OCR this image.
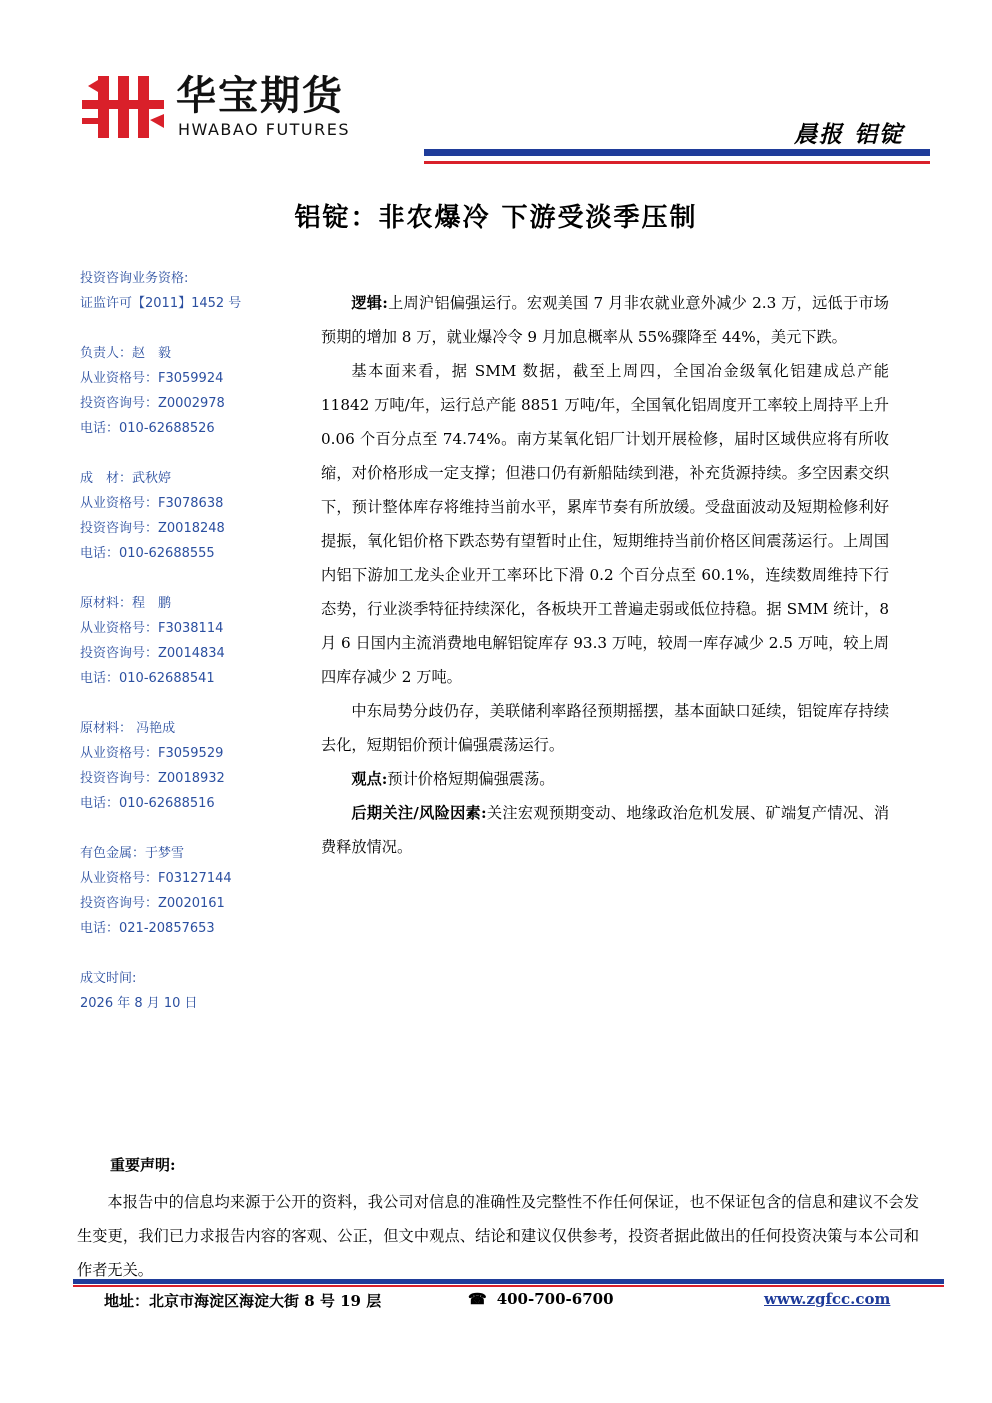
华宝期货
HWABAO FUTURES	晨报 铝锭
铝锭：非农爆冷 下游受淡季压制
投资咨询业务资格:
证监许可【2011】1452 号
负责人：赵　毅
从业资格号：F3059924
投资咨询号：Z0002978
电话：010-62688526
成　材：武秋婷
从业资格号：F3078638
投资咨询号：Z0018248
电话：010-62688555
原材料：程　鹏
从业资格号：F3038114
投资咨询号：Z0014834
电话：010-62688541
原材料： 冯艳成
从业资格号：F3059529
投资咨询号：Z0018932
电话：010-62688516
有色金属：于梦雪
从业资格号：F03127144
投资咨询号：Z0020161
电话：021-20857653
成文时间:
2026 年 8 月 10 日

逻辑:上周沪铝偏强运行。宏观美国 7 月非农就业意外减少 2.3 万，远低于市场预期的增加 8 万，就业爆冷令 9 月加息概率从 55%骤降至 44%，美元下跌。

基本面来看，据 SMM 数据，截至上周四，全国冶金级氧化铝建成总产能 11842 万吨/年，运行总产能 8851 万吨/年，全国氧化铝周度开工率较上周持平上升 0.06 个百分点至 74.74%。南方某氧化铝厂计划开展检修，届时区域供应将有所收缩，对价格形成一定支撑；但港口仍有新船陆续到港，补充货源持续。多空因素交织下，预计整体库存将维持当前水平，累库节奏有所放缓。受盘面波动及短期检修利好提振，氧化铝价格下跌态势有望暂时止住，短期维持当前价格区间震荡运行。上周国内铝下游加工龙头企业开工率环比下滑 0.2 个百分点至 60.1%，连续数周维持下行态势，行业淡季特征持续深化，各板块开工普遍走弱或低位持稳。据 SMM 统计，8 月 6 日国内主流消费地电解铝锭库存 93.3 万吨，较周一库存减少 2.5 万吨，较上周四库存减少 2 万吨。

中东局势分歧仍存，美联储利率路径预期摇摆，基本面缺口延续，铝锭库存持续去化，短期铝价预计偏强震荡运行。

观点:预计价格短期偏强震荡。

后期关注/风险因素:关注宏观预期变动、地缘政治危机发展、矿端复产情况、消费释放情况。

重要声明:

本报告中的信息均来源于公开的资料，我公司对信息的准确性及完整性不作任何保证，也不保证包含的信息和建议不会发生变更，我们已力求报告内容的客观、公正，但文中观点、结论和建议仅供参考，投资者据此做出的任何投资决策与本公司和作者无关。

地址：北京市海淀区海淀大街 8 号 19 层	☎ 400-700-6700	www.zgfcc.com
